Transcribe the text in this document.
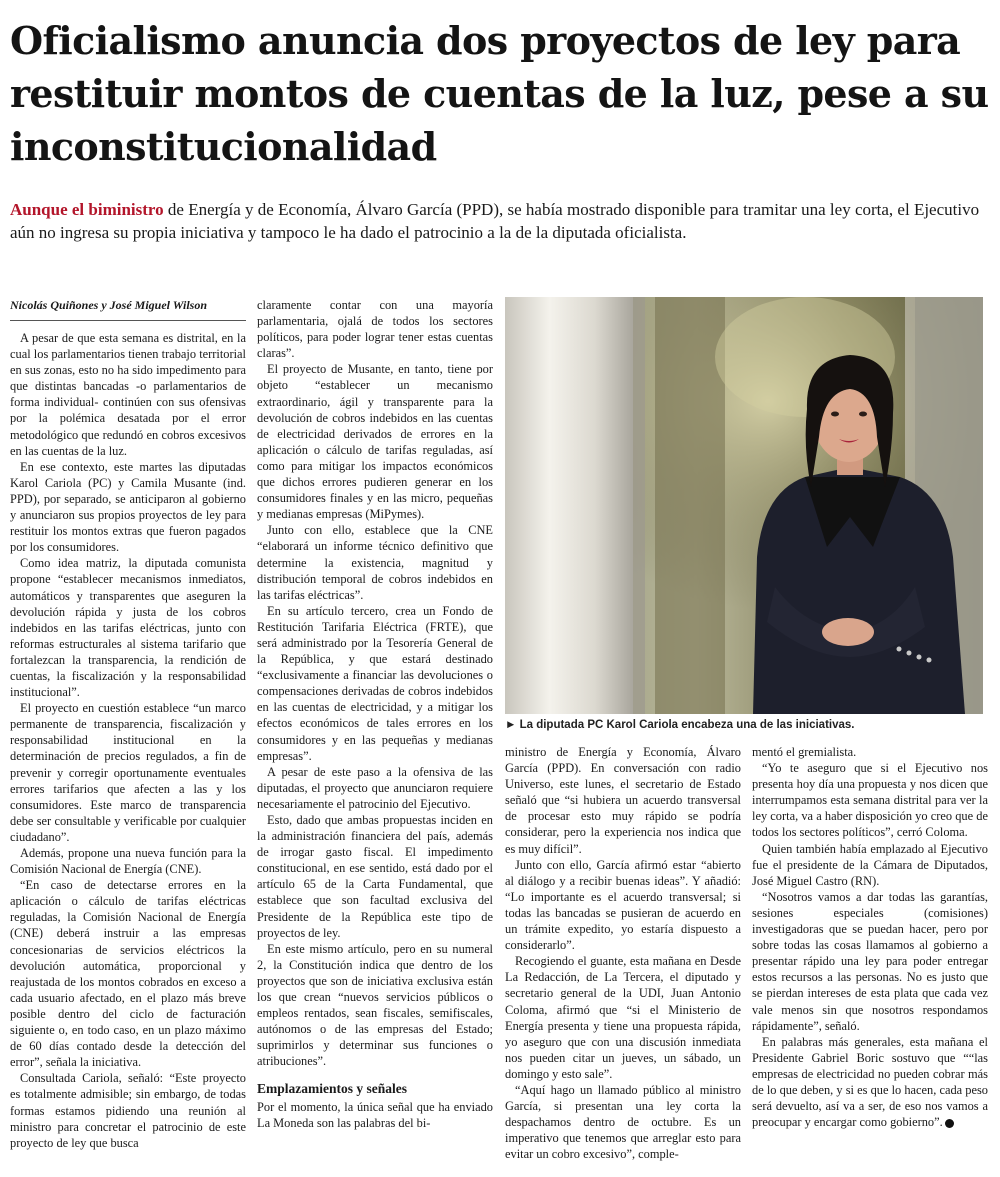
Oficialismo anuncia dos proyectos de ley para restituir montos de cuentas de la luz, pese a su inconstitucionalidad
Aunque el biministro de Energía y de Economía, Álvaro García (PPD), se había mostrado disponible para tramitar una ley corta, el Ejecutivo aún no ingresa su propia iniciativa y tampoco le ha dado el patrocinio a la de la diputada oficialista.
Nicolás Quiñones y José Miguel Wilson

A pesar de que esta semana es distrital, en la cual los parlamentarios tienen trabajo territorial en sus zonas, esto no ha sido impedimento para que distintas bancadas -o parlamentarios de forma individual- continúen con sus ofensivas por la polémica desatada por el error metodológico que redundó en cobros excesivos en las cuentas de la luz.

En ese contexto, este martes las diputadas Karol Cariola (PC) y Camila Musante (ind. PPD), por separado, se anticiparon al gobierno y anunciaron sus propios proyectos de ley para restituir los montos extras que fueron pagados por los consumidores.

Como idea matriz, la diputada comunista propone “establecer mecanismos inmediatos, automáticos y transparentes que aseguren la devolución rápida y justa de los cobros indebidos en las tarifas eléctricas, junto con reformas estructurales al sistema tarifario que fortalezcan la transparencia, la rendición de cuentas, la fiscalización y la responsabilidad institucional”.

El proyecto en cuestión establece “un marco permanente de transparencia, fiscalización y responsabilidad institucional en la determinación de precios regulados, a fin de prevenir y corregir oportunamente eventuales errores tarifarios que afecten a las y los consumidores. Este marco de transparencia debe ser consultable y verificable por cualquier ciudadano”.

Además, propone una nueva función para la Comisión Nacional de Energía (CNE).

“En caso de detectarse errores en la aplicación o cálculo de tarifas eléctricas reguladas, la Comisión Nacional de Energía (CNE) deberá instruir a las empresas concesionarias de servicios eléctricos la devolución automática, proporcional y reajustada de los montos cobrados en exceso a cada usuario afectado, en el plazo más breve posible dentro del ciclo de facturación siguiente o, en todo caso, en un plazo máximo de 60 días contado desde la detección del error”, señala la iniciativa.

Consultada Cariola, señaló: “Este proyecto es totalmente admisible; sin embargo, de todas formas estamos pidiendo una reunión al ministro para concretar el patrocinio de este proyecto de ley que busca

claramente contar con una mayoría parlamentaria, ojalá de todos los sectores políticos, para poder lograr tener estas cuentas claras”.

El proyecto de Musante, en tanto, tiene por objeto “establecer un mecanismo extraordinario, ágil y transparente para la devolución de cobros indebidos en las cuentas de electricidad derivados de errores en la aplicación o cálculo de tarifas reguladas, así como para mitigar los impactos económicos que dichos errores pudieren generar en los consumidores finales y en las micro, pequeñas y medianas empresas (MiPymes).

Junto con ello, establece que la CNE “elaborará un informe técnico definitivo que determine la existencia, magnitud y distribución temporal de cobros indebidos en las tarifas eléctricas”.

En su artículo tercero, crea un Fondo de Restitución Tarifaria Eléctrica (FRTE), que será administrado por la Tesorería General de la República, y que estará destinado “exclusivamente a financiar las devoluciones o compensaciones derivadas de cobros indebidos en las cuentas de electricidad, y a mitigar los efectos económicos de tales errores en los consumidores y en las pequeñas y medianas empresas”.

A pesar de este paso a la ofensiva de las diputadas, el proyecto que anunciaron requiere necesariamente el patrocinio del Ejecutivo.

Esto, dado que ambas propuestas inciden en la administración financiera del país, además de irrogar gasto fiscal. El impedimento constitucional, en ese sentido, está dado por el artículo 65 de la Carta Fundamental, que establece que son facultad exclusiva del Presidente de la República este tipo de proyectos de ley.

En este mismo artículo, pero en su numeral 2, la Constitución indica que dentro de los proyectos que son de iniciativa exclusiva están los que crean “nuevos servicios públicos o empleos rentados, sean fiscales, semifiscales, autónomos o de las empresas del Estado; suprimirlos y determinar sus funciones o atribuciones”.

Emplazamientos y señales

Por el momento, la única señal que ha enviado La Moneda son las palabras del bi-

► La diputada PC Karol Cariola encabeza una de las iniciativas.

ministro de Energía y Economía, Álvaro García (PPD). En conversación con radio Universo, este lunes, el secretario de Estado señaló que “si hubiera un acuerdo transversal de procesar esto muy rápido se podría considerar, pero la experiencia nos indica que es muy difícil”.

Junto con ello, García afirmó estar “abierto al diálogo y a recibir buenas ideas”. Y añadió: “Lo importante es el acuerdo transversal; si todas las bancadas se pusieran de acuerdo en un trámite expedito, yo estaría dispuesto a considerarlo”.

Recogiendo el guante, esta mañana en Desde La Redacción, de La Tercera, el diputado y secretario general de la UDI, Juan Antonio Coloma, afirmó que “si el Ministerio de Energía presenta y tiene una propuesta rápida, yo aseguro que con una discusión inmediata nos pueden citar un jueves, un sábado, un domingo y esto sale”.

“Aquí hago un llamado público al ministro García, si presentan una ley corta la despachamos dentro de octubre. Es un imperativo que tenemos que arreglar esto para evitar un cobro excesivo”, comple-

mentó el gremialista.

“Yo te aseguro que si el Ejecutivo nos presenta hoy día una propuesta y nos dicen que interrumpamos esta semana distrital para ver la ley corta, va a haber disposición yo creo que de todos los sectores políticos”, cerró Coloma.

Quien también había emplazado al Ejecutivo fue el presidente de la Cámara de Diputados, José Miguel Castro (RN).

“Nosotros vamos a dar todas las garantías, sesiones especiales (comisiones) investigadoras que se puedan hacer, pero por sobre todas las cosas llamamos al gobierno a presentar rápido una ley para poder entregar estos recursos a las personas. No es justo que se pierdan intereses de esta plata que cada vez vale menos sin que nosotros respondamos rápidamente”, señaló.

En palabras más generales, esta mañana el Presidente Gabriel Boric sostuvo que ““las empresas de electricidad no pueden cobrar más de lo que deben, y si es que lo hacen, cada peso será devuelto, así va a ser, de eso nos vamos a preocupar y encargar como gobierno”.
